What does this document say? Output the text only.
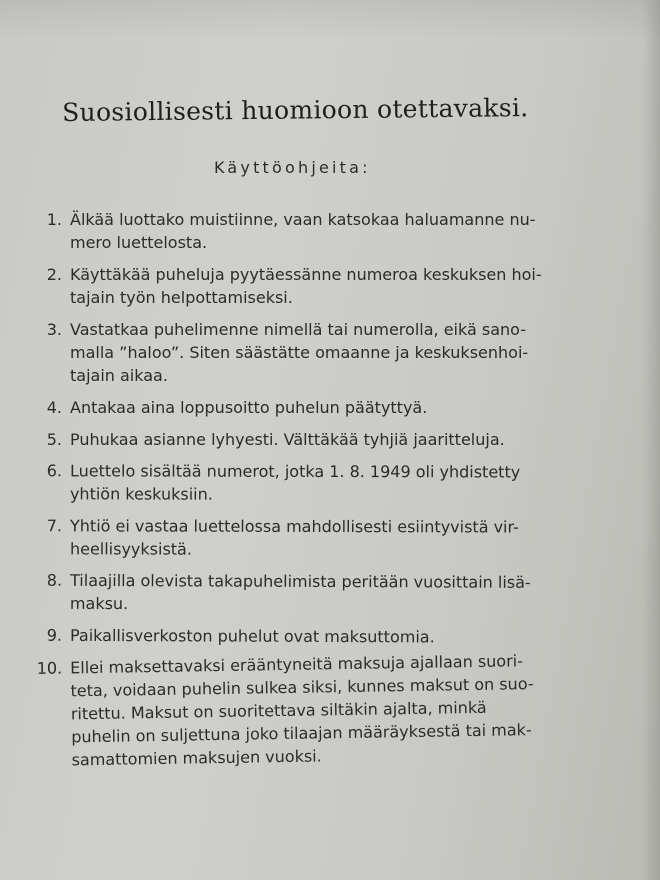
Suosiollisesti huomioon otettavaksi.
Käyttöohjeita:
1. Älkää luottako muistiinne, vaan katsokaa haluamanne nu-
mero luettelosta.
2. Käyttäkää puheluja pyytäessänne numeroa keskuksen hoi-
tajain työn helpottamiseksi.
3. Vastatkaa puhelimenne nimellä tai numerolla, eikä sano-
malla ”haloo”. Siten säästätte omaanne ja keskuksenhoi-
tajain aikaa.
4. Antakaa aina loppusoitto puhelun päätyttyä.
5. Puhukaa asianne lyhyesti. Välttäkää tyhjiä jaaritteluja.
6. Luettelo sisältää numerot, jotka 1. 8. 1949 oli yhdistetty
yhtiön keskuksiin.
7. Yhtiö ei vastaa luettelossa mahdollisesti esiintyvistä vir-
heellisyyksistä.
8. Tilaajilla olevista takapuhelimista peritään vuosittain lisä-
maksu.
9. Paikallisverkoston puhelut ovat maksuttomia.
10. Ellei maksettavaksi erääntyneitä maksuja ajallaan suori-
teta, voidaan puhelin sulkea siksi, kunnes maksut on suo-
ritettu. Maksut on suoritettava siltäkin ajalta, minkä
puhelin on suljettuna joko tilaajan määräyksestä tai mak-
samattomien maksujen vuoksi.
